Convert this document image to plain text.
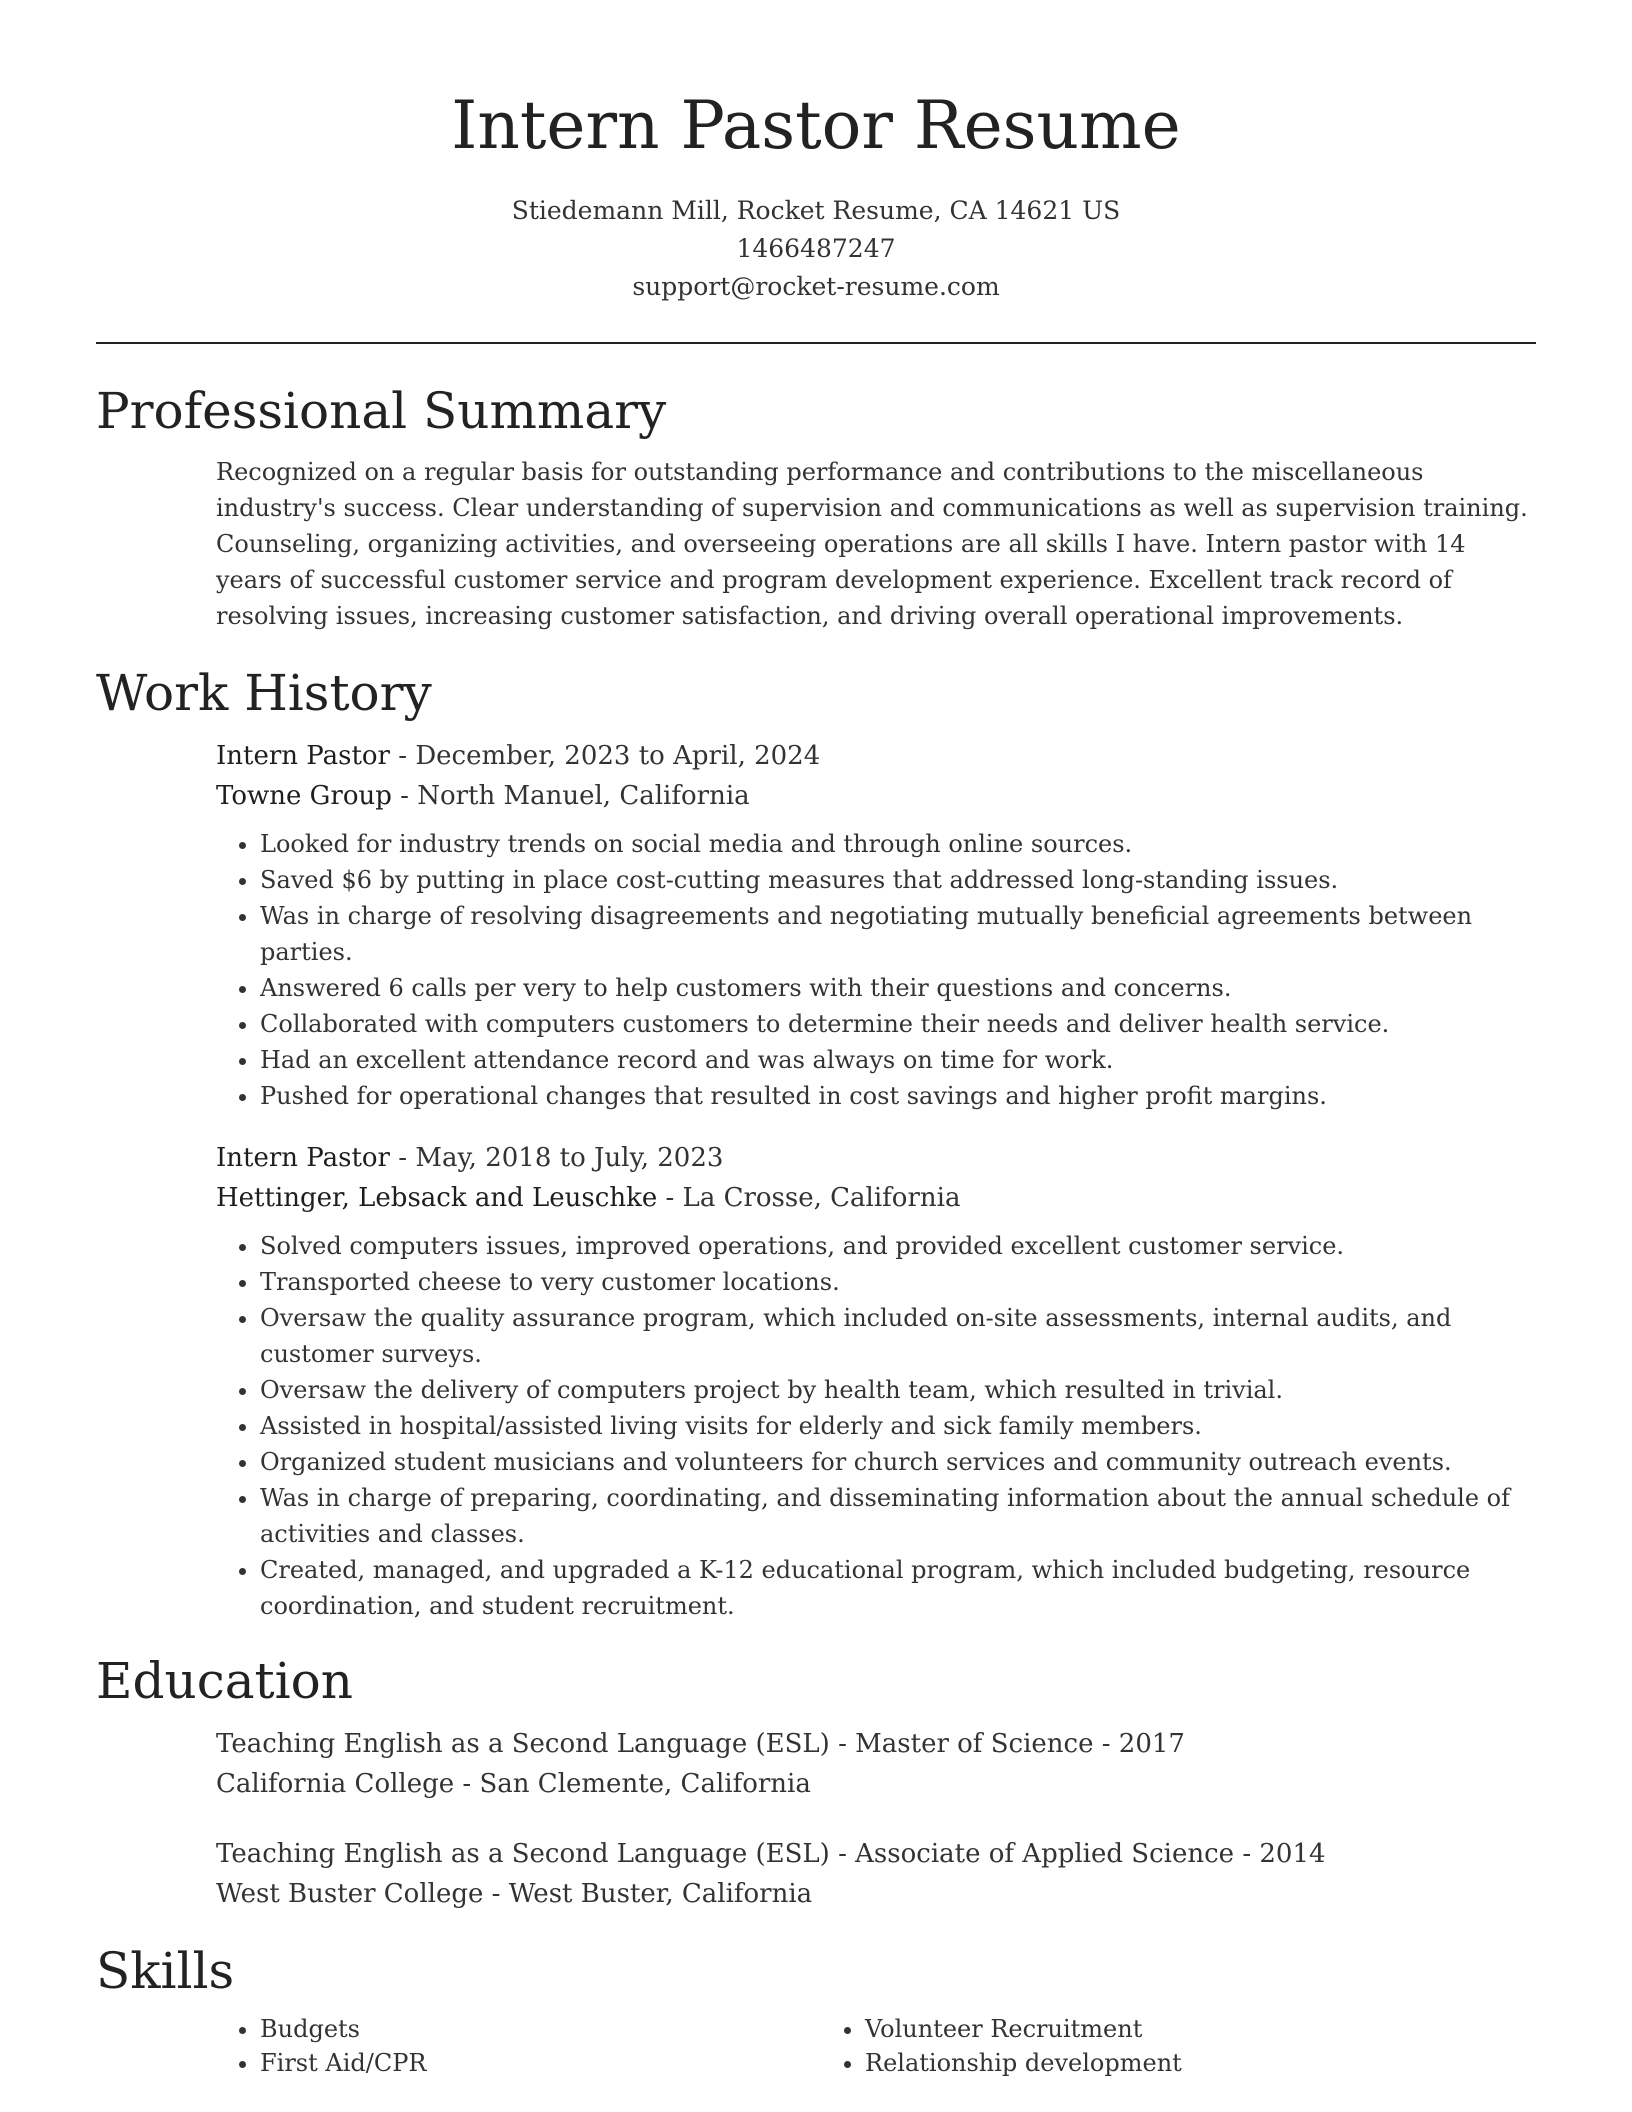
Intern Pastor Resume
Stiedemann Mill, Rocket Resume, CA 14621 US
1466487247
support@rocket-resume.com
Professional Summary

Recognized on a regular basis for outstanding performance and contributions to the miscellaneous industry's success. Clear understanding of supervision and communications as well as supervision training. Counseling, organizing activities, and overseeing operations are all skills I have. Intern pastor with 14 years of successful customer service and program development experience. Excellent track record of resolving issues, increasing customer satisfaction, and driving overall operational improvements.

Work History
Intern Pastor - December, 2023 to April, 2024
Towne Group - North Manuel, California
• Looked for industry trends on social media and through online sources.
• Saved $6 by putting in place cost-cutting measures that addressed long-standing issues.
• Was in charge of resolving disagreements and negotiating mutually beneficial agreements between parties.
• Answered 6 calls per very to help customers with their questions and concerns.
• Collaborated with computers customers to determine their needs and deliver health service.
• Had an excellent attendance record and was always on time for work.
• Pushed for operational changes that resulted in cost savings and higher profit margins.
Intern Pastor - May, 2018 to July, 2023
Hettinger, Lebsack and Leuschke - La Crosse, California
• Solved computers issues, improved operations, and provided excellent customer service.
• Transported cheese to very customer locations.
• Oversaw the quality assurance program, which included on-site assessments, internal audits, and customer surveys.
• Oversaw the delivery of computers project by health team, which resulted in trivial.
• Assisted in hospital/assisted living visits for elderly and sick family members.
• Organized student musicians and volunteers for church services and community outreach events.
• Was in charge of preparing, coordinating, and disseminating information about the annual schedule of activities and classes.
• Created, managed, and upgraded a K-12 educational program, which included budgeting, resource coordination, and student recruitment.
Education
Teaching English as a Second Language (ESL) - Master of Science - 2017
California College - San Clemente, California
Teaching English as a Second Language (ESL) - Associate of Applied Science - 2014
West Buster College - West Buster, California
Skills
• Budgets
• First Aid/CPR
• Volunteer Recruitment
• Relationship development
